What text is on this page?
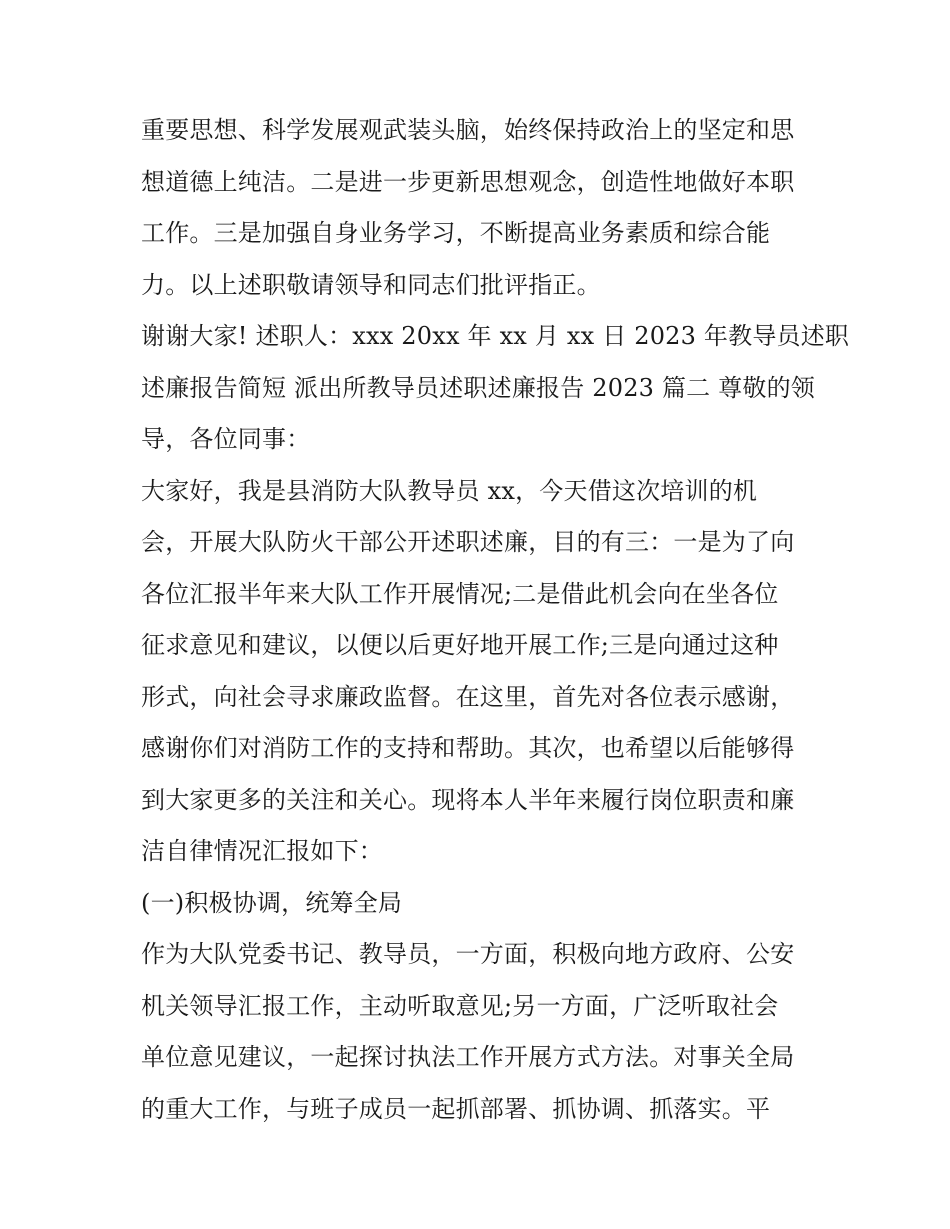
重要思想、科学发展观武装头脑，始终保持政治上的坚定和思
想道德上纯洁。二是进一步更新思想观念，创造性地做好本职
工作。三是加强自身业务学习，不断提高业务素质和综合能
力。以上述职敬请领导和同志们批评指正。
谢谢大家! 述职人：xxx 20xx 年 xx 月 xx 日 2023 年教导员述职
述廉报告简短 派出所教导员述职述廉报告 2023 篇二 尊敬的领
导，各位同事：
大家好，我是县消防大队教导员 xx，今天借这次培训的机
会，开展大队防火干部公开述职述廉，目的有三：一是为了向
各位汇报半年来大队工作开展情况;二是借此机会向在坐各位
征求意见和建议，以便以后更好地开展工作;三是向通过这种
形式，向社会寻求廉政监督。在这里，首先对各位表示感谢，
感谢你们对消防工作的支持和帮助。其次，也希望以后能够得
到大家更多的关注和关心。现将本人半年来履行岗位职责和廉
洁自律情况汇报如下：
(一)积极协调，统筹全局
作为大队党委书记、教导员，一方面，积极向地方政府、公安
机关领导汇报工作，主动听取意见;另一方面，广泛听取社会
单位意见建议，一起探讨执法工作开展方式方法。对事关全局
的重大工作，与班子成员一起抓部署、抓协调、抓落实。平
